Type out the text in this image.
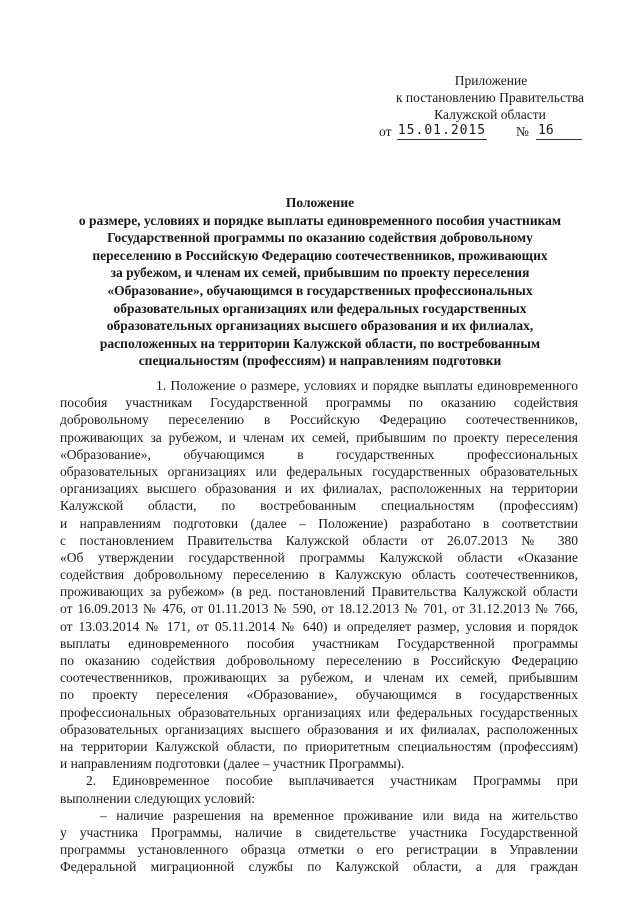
Приложение
к постановлению Правительства
Калужской области
от 15.01.2015 № 16
Положение
о размере, условиях и порядке выплаты единовременного пособия участникам
Государственной программы по оказанию содействия добровольному
переселению в Российскую Федерацию соотечественников, проживающих
за рубежом, и членам их семей, прибывшим по проекту переселения
«Образование», обучающимся в государственных профессиональных
образовательных организациях или федеральных государственных
образовательных организациях высшего образования и их филиалах,
расположенных на территории Калужской области, по востребованным
специальностям (профессиям) и направлениям подготовки
1. Положение о размере, условиях и порядке выплаты единовременного
пособия участникам Государственной программы по оказанию содействия
добровольному переселению в Российскую Федерацию соотечественников,
проживающих за рубежом, и членам их семей, прибывшим по проекту переселения
«Образование», обучающимся в государственных профессиональных
образовательных организациях или федеральных государственных образовательных
организациях высшего образования и их филиалах, расположенных на территории
Калужской области, по востребованным специальностям (профессиям)
и направлениям подготовки (далее – Положение) разработано в соответствии
с постановлением Правительства Калужской области от 26.07.2013 № 380
«Об утверждении государственной программы Калужской области «Оказание
содействия добровольному переселению в Калужскую область соотечественников,
проживающих за рубежом» (в ред. постановлений Правительства Калужской области
от 16.09.2013 № 476, от 01.11.2013 № 590, от 18.12.2013 № 701, от 31.12.2013 № 766,
от 13.03.2014 № 171, от 05.11.2014 № 640) и определяет размер, условия и порядок
выплаты единовременного пособия участникам Государственной программы
по оказанию содействия добровольному переселению в Российскую Федерацию
соотечественников, проживающих за рубежом, и членам их семей, прибывшим
по проекту переселения «Образование», обучающимся в государственных
профессиональных образовательных организациях или федеральных государственных
образовательных организациях высшего образования и их филиалах, расположенных
на территории Калужской области, по приоритетным специальностям (профессиям)
и направлениям подготовки (далее – участник Программы).
2. Единовременное пособие выплачивается участникам Программы при
выполнении следующих условий:
– наличие разрешения на временное проживание или вида на жительство
у участника Программы, наличие в свидетельстве участника Государственной
программы установленного образца отметки о его регистрации в Управлении
Федеральной миграционной службы по Калужской области, а для граждан
